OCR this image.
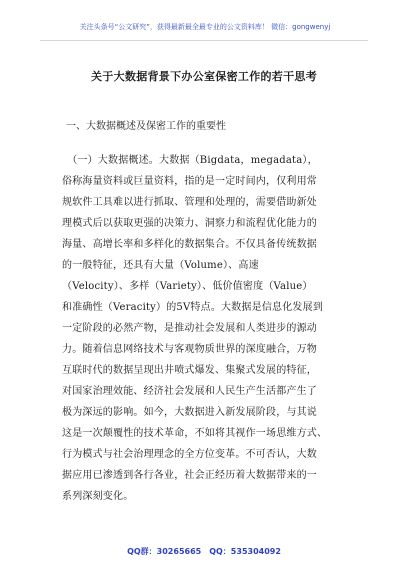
关注头条号“公文研究”，获得最新最全最专业的公文资料库！ 微信：gongwenyj
关于大数据背景下办公室保密工作的若干思考
一、大数据概述及保密工作的重要性
　（一）大数据概述。大数据（Bigdata，megadata），
俗称海量资料或巨量资料，指的是一定时间内，仅利用常
规软件工具难以进行抓取、管理和处理的，需要借助新处
理模式后以获取更强的决策力、洞察力和流程优化能力的
海量、高增长率和多样化的数据集合。不仅具备传统数据
的一般特征，还具有大量（Volume）、高速
（Velocity）、多样（Variety）、低价值密度（Value）
和准确性（Veracity）的5V特点。大数据是信息化发展到
一定阶段的必然产物，是推动社会发展和人类进步的源动
力。随着信息网络技术与客观物质世界的深度融合，万物
互联时代的数据呈现出井喷式爆发、集聚式发展的特征，
对国家治理效能、经济社会发展和人民生产生活都产生了
极为深远的影响。如今，大数据进入新发展阶段，与其说
这是一次颠覆性的技术革命，不如将其视作一场思维方式、
行为模式与社会治理理念的全方位变革。不可否认，大数
据应用已渗透到各行各业，社会正经历着大数据带来的一
系列深刻变化。
QQ群：30265665　QQ：535304092
